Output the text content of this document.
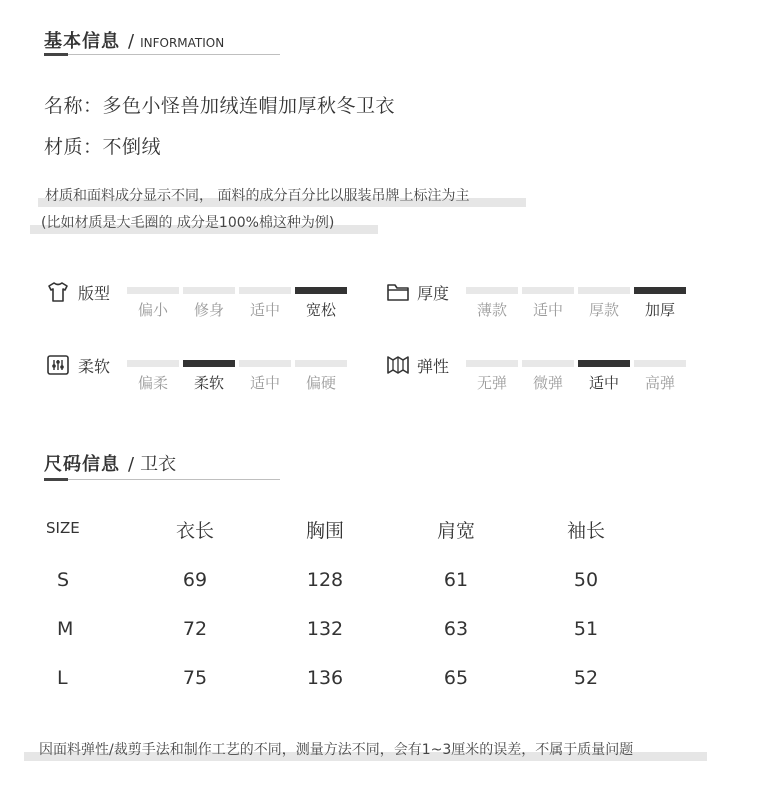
基本信息 / INFORMATION
名称：多色小怪兽加绒连帽加厚秋冬卫衣
材质：不倒绒
材质和面料成分显示不同， 面料的成分百分比以服装吊牌上标注为主
(比如材质是大毛圈的 成分是100%棉这种为例)
版型
偏小	修身	适中	宽松
厚度
薄款	适中	厚款	加厚
柔软
偏柔	柔软	适中	偏硬
弹性
无弹	微弹	适中	高弹
尺码信息 / 卫衣
SIZE	衣长	胸围	肩宽	袖长
S	69	128	61	50
M	72	132	63	51
L	75	136	65	52
因面料弹性/裁剪手法和制作工艺的不同，测量方法不同，会有1~3厘米的误差，不属于质量问题
